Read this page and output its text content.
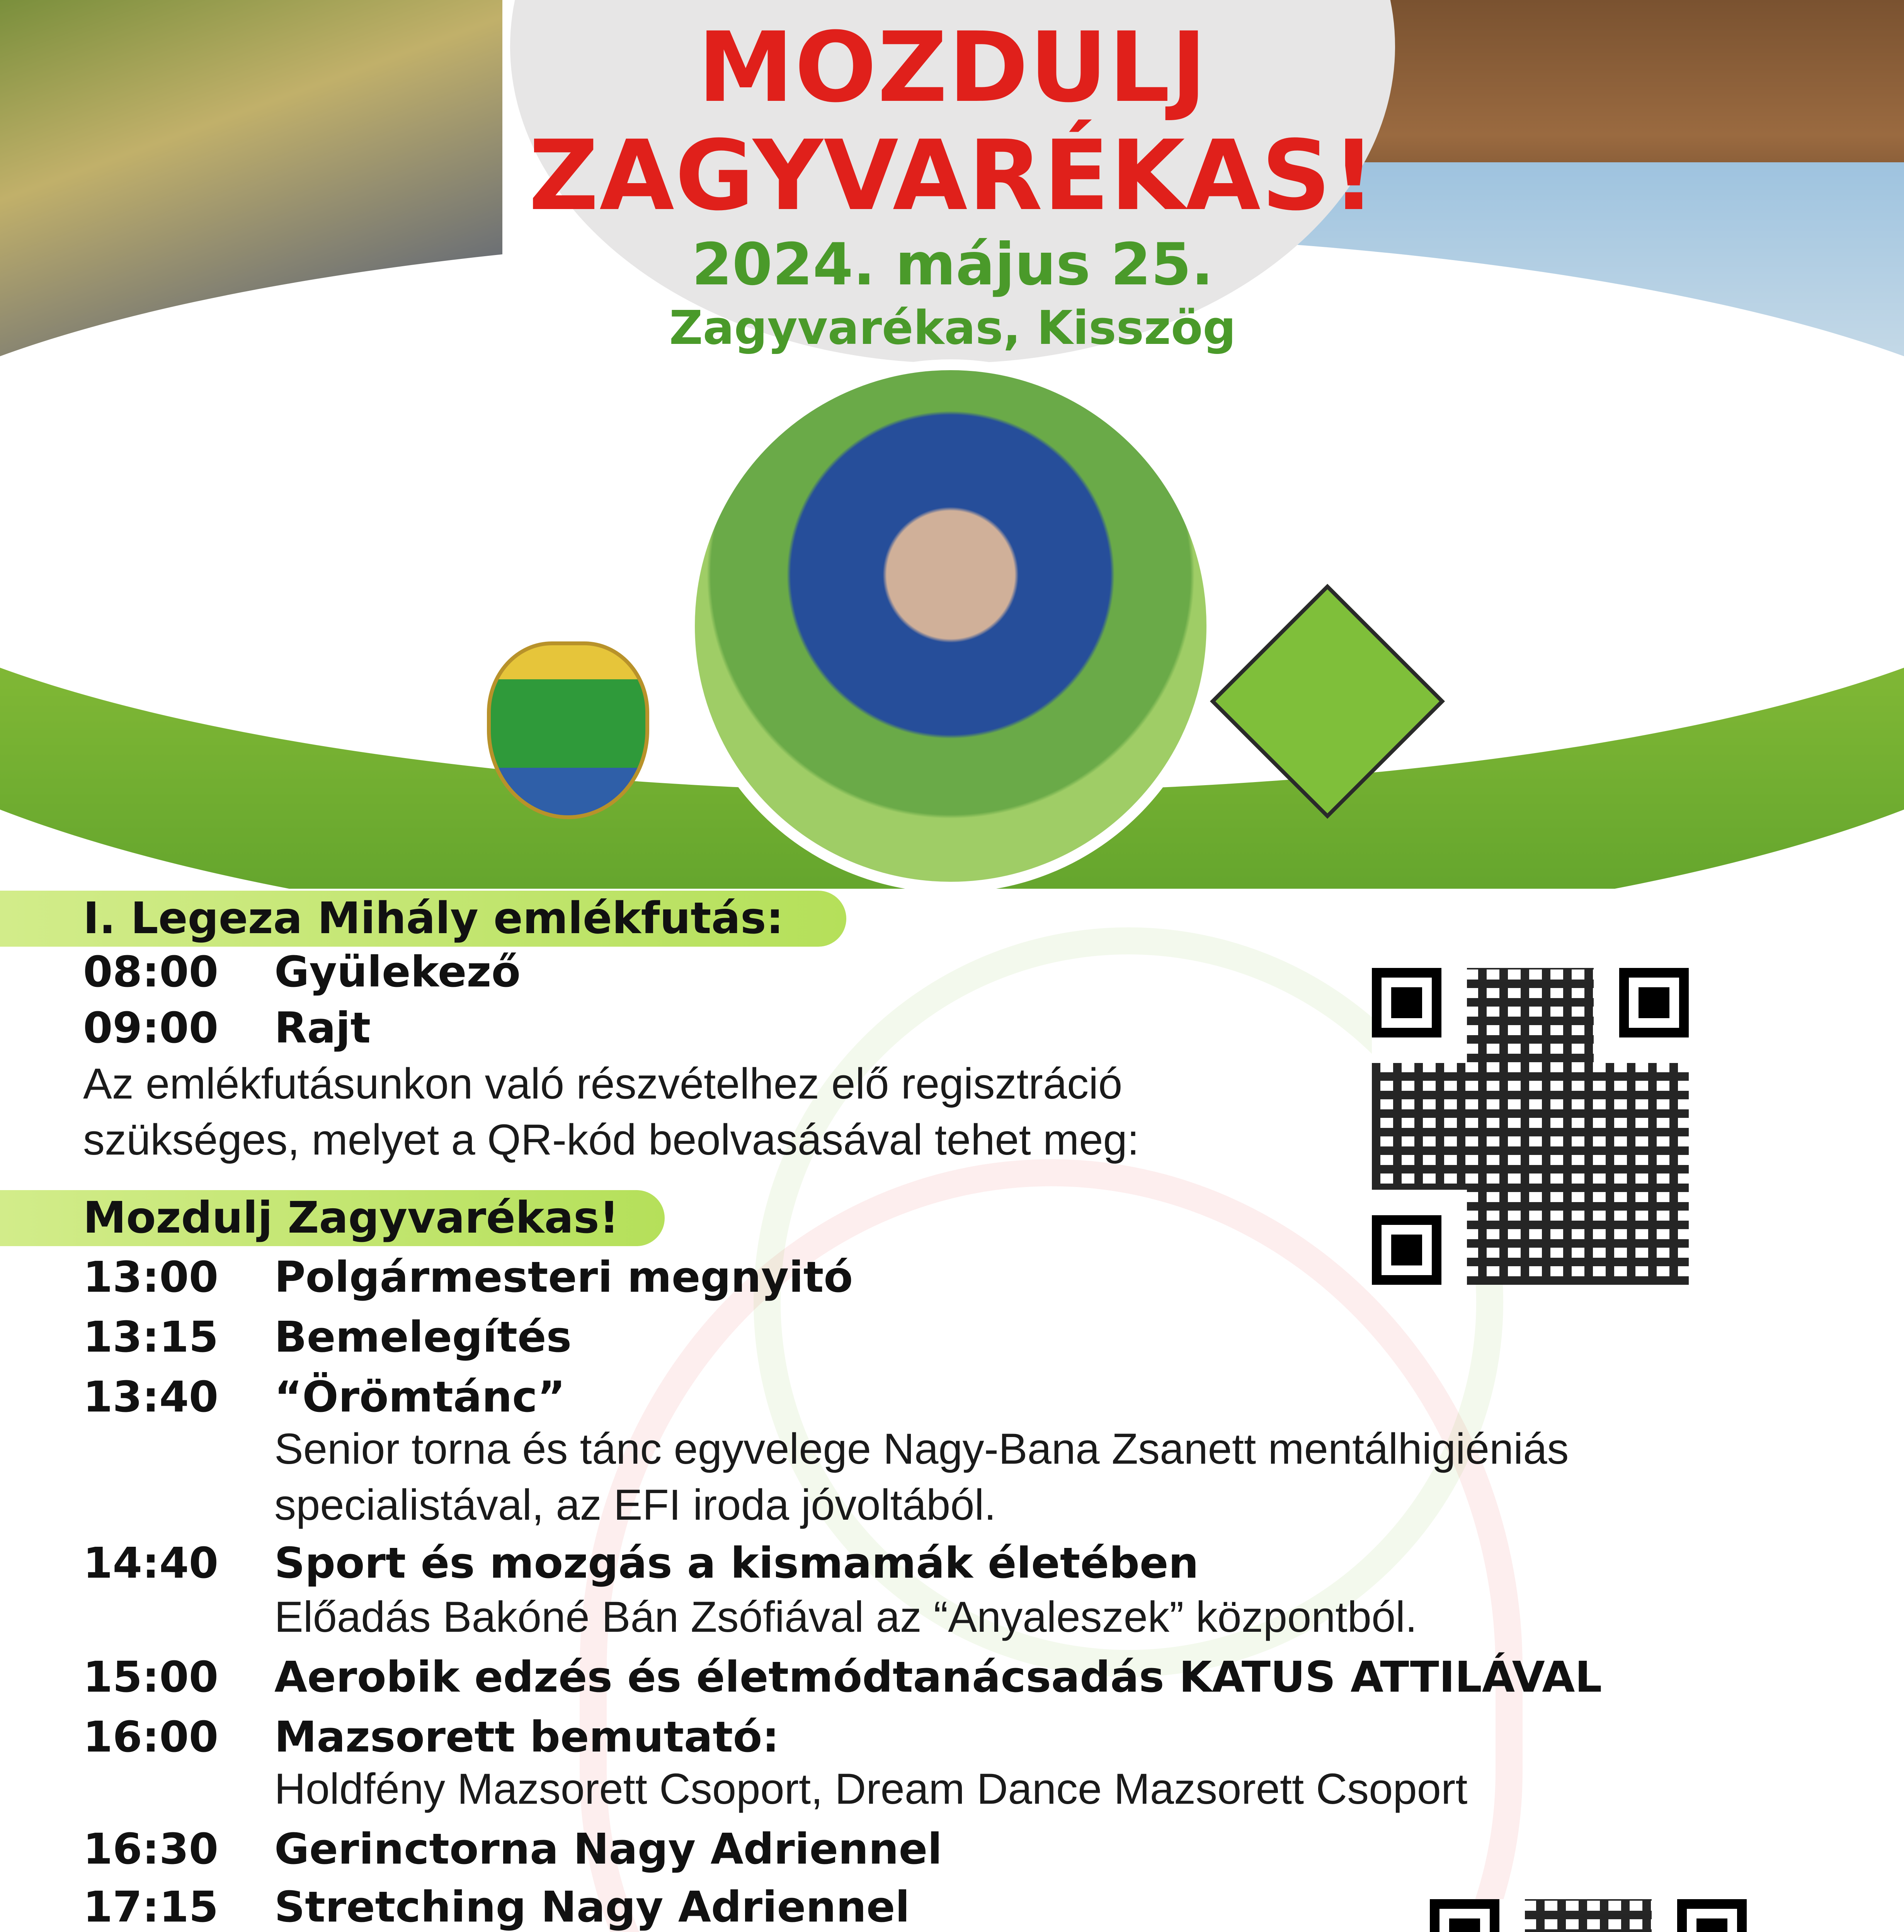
MOZDULJ
ZAGYVARÉKAS!
2024. május 25.
Zagyvarékas, Kisszög
I. Legeza Mihály emlékfutás:
08:00 Gyülekező
09:00 Rajt
Az emlékfutásunkon való részvételhez elő regisztráció
szükséges, melyet a QR-kód beolvasásával tehet meg:
Mozdulj Zagyvarékas!
13:00 Polgármesteri megnyitó
13:15 Bemelegítés
13:40 “Örömtánc”
Senior torna és tánc egyvelege Nagy-Bana Zsanett mentálhigiéniás
specialistával, az EFI iroda jóvoltából.
14:40 Sport és mozgás a kismamák életében
Előadás Bakóné Bán Zsófiával az “Anyaleszek” központból.
15:00 Aerobik edzés és életmódtanácsadás KATUS ATTILÁVAL
16:00 Mazsorett bemutató:
Holdfény Mazsorett Csoport, Dream Dance Mazsorett Csoport
16:30 Gerinctorna Nagy Adriennel
17:15 Stretching Nagy Adriennel
